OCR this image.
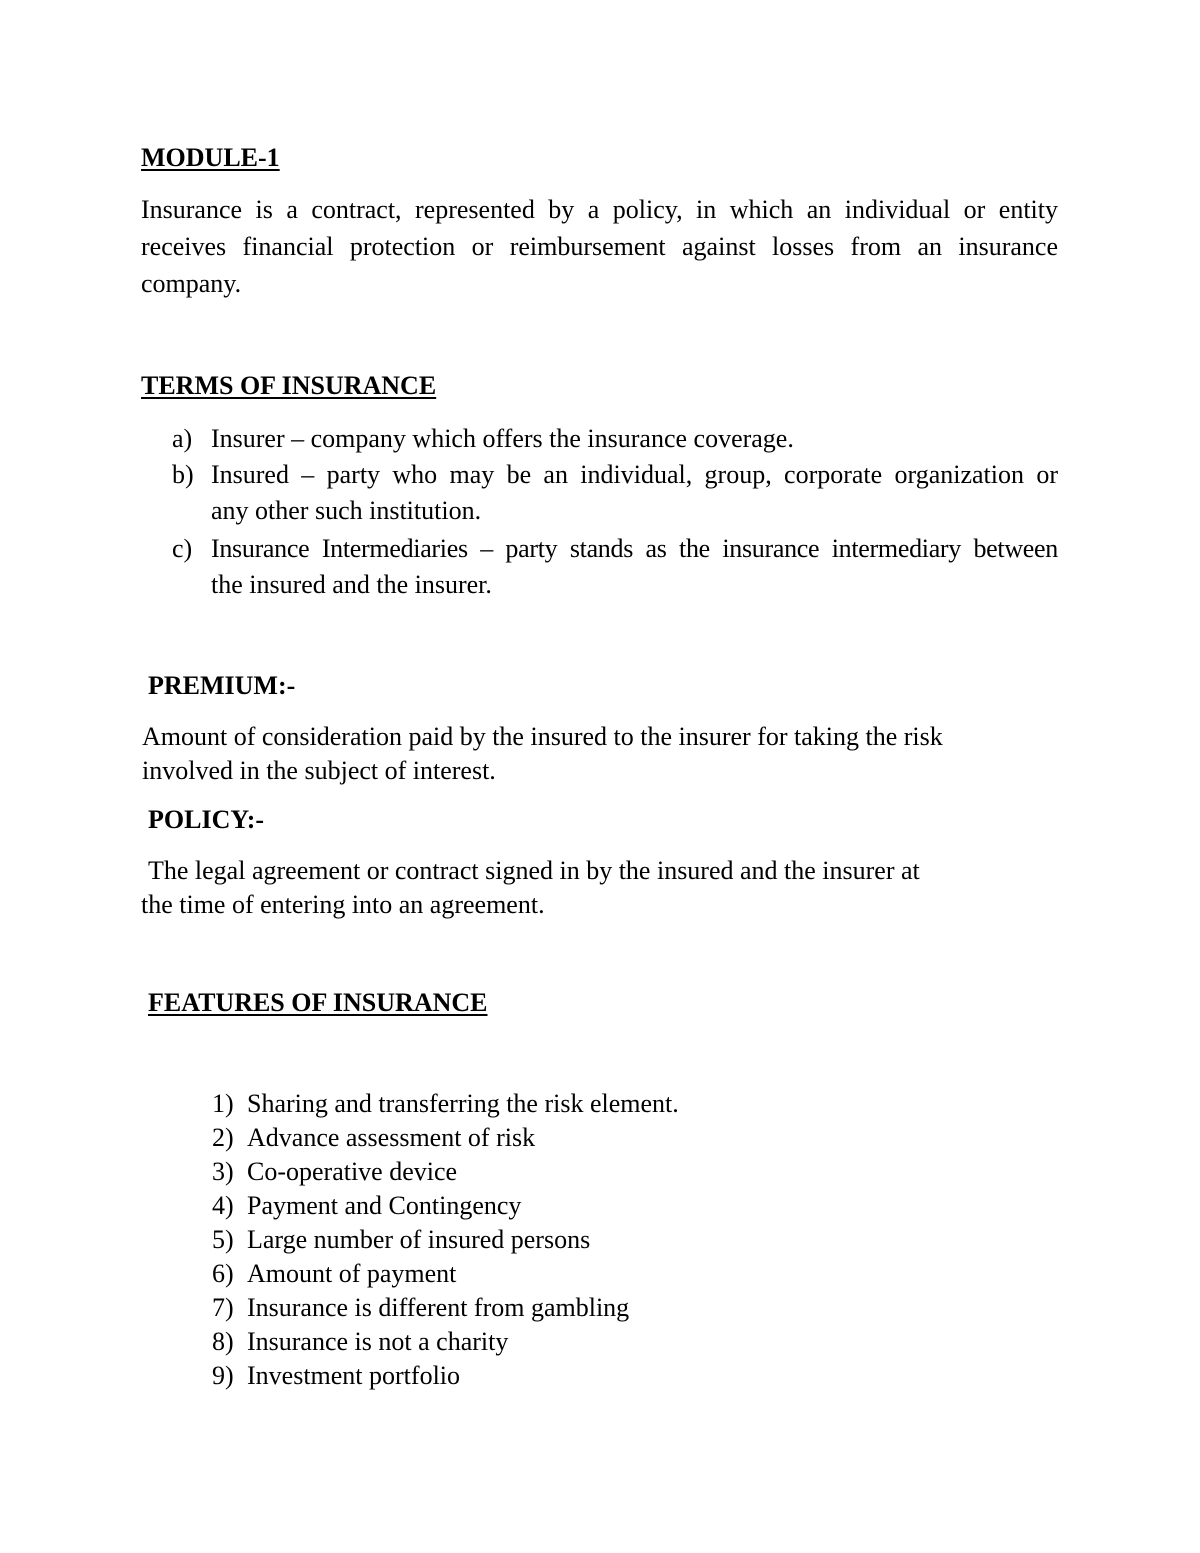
MODULE-1

Insurance is a contract, represented by a policy, in which an individual or entity

receives financial protection or reimbursement against losses from an insurance

company.

TERMS OF INSURANCE

a) Insurer – company which offers the insurance coverage.
b) Insured – party who may be an individual, group, corporate organization or
any other such institution.
c) Insurance Intermediaries – party stands as the insurance intermediary between
the insured and the insurer.

PREMIUM:-

Amount of consideration paid by the insured to the insurer for taking the risk

involved in the subject of interest.

POLICY:-

The legal agreement or contract signed in by the insured and the insurer at

the time of entering into an agreement.

FEATURES OF INSURANCE

1) Sharing and transferring the risk element.
2) Advance assessment of risk
3) Co-operative device
4) Payment and Contingency
5) Large number of insured persons
6) Amount of payment
7) Insurance is different from gambling
8) Insurance is not a charity
9) Investment portfolio
